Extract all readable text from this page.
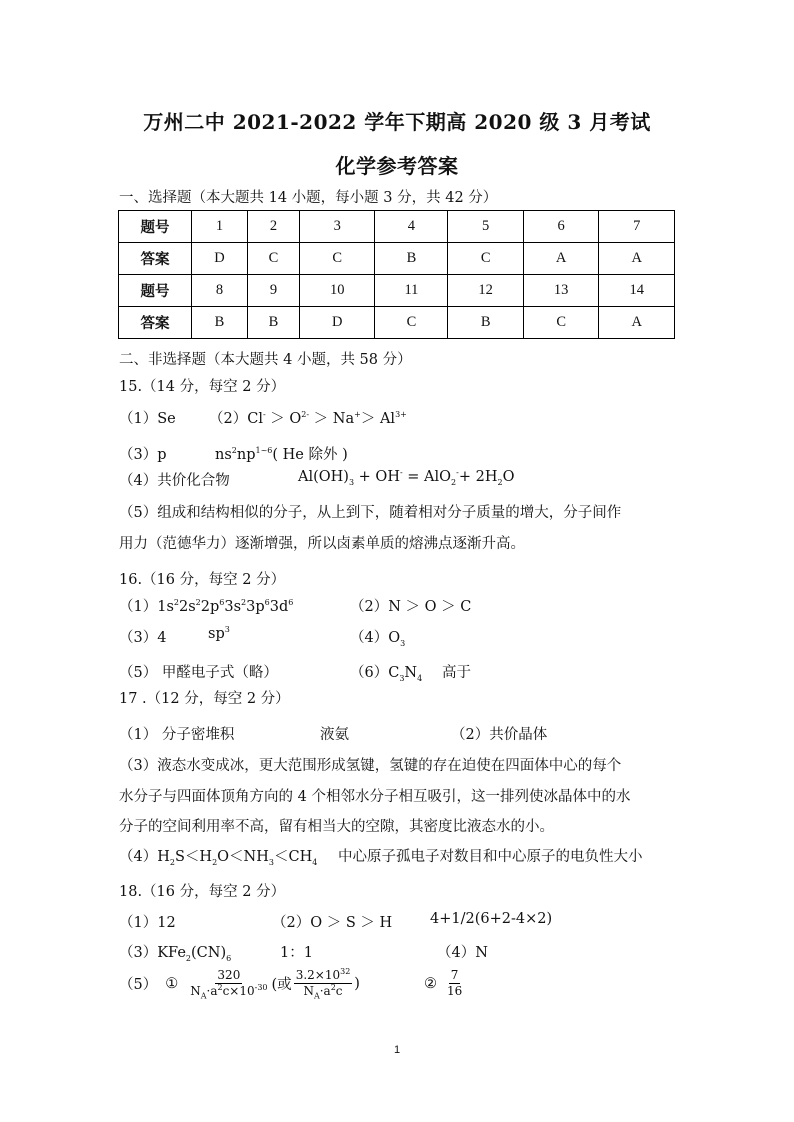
万州二中 2021-2022 学年下期高 2020 级 3 月考试
化学参考答案
一、选择题（本大题共 14 小题，每小题 3 分，共 42 分）
题号	1	2	3	4	5	6	7
答案	D	C	C	B	C	A	A
题号	8	9	10	11	12	13	14
答案	B	B	D	C	B	C	A
二、非选择题（本大题共 4 小题，共 58 分）
15.（14 分，每空 2 分）
（1）Se $(2)Cl^- > O^{2-} > Na^+> Al^{3+}$
（3）p	$ns^2np^{1\sim 6}$( He 除外 )
（4）共价化合物	$Al(OH)_3 + OH^- = AlO_2^-+ 2H_2O$
（5）组成和结构相似的分子，从上到下，随着相对分子质量的增大，分子间作
用力（范德华力）逐渐增强，所以卤素单质的熔沸点逐渐升高。
16.（16 分，每空 2 分）
$(1)1s^22s^22p^63s^23p^63d^6$	（2）N ＞ O ＞ C
（3）4	$sp^3$
$(4)O_3$
（5） 甲醛电子式（略）	$(6)C_3N_4$ 高于
17 .（12 分，每空 2 分）
（1） 分子密堆积	液氨	（2）共价晶体
（3）液态水变成冰，更大范围形成氢键，氢键的存在迫使在四面体中心的每个
水分子与四面体顶角方向的 4 个相邻水分子相互吸引，这一排列使冰晶体中的水
分子的空间利用率不高，留有相当大的空隙，其密度比液态水的小。
$(4)H_2S<H_2O<NH_3<CH_4$ 中心原子孤电子对数目和中心原子的电负性大小
18.（16 分，每空 2 分）
（1）12	（2）O ＞ S ＞ H	4+1/2(6+2-4×2)
$(3)KFe_2(CN)_6$	1：1	（4）N
（5） ① $\frac{320}{N_A\cdot a^2c\times 10^{-30}}$ (或 $\frac{3.2\times 10^{32}}{N_A\cdot a^2c}$ )	② $\frac{7}{16}$
1
